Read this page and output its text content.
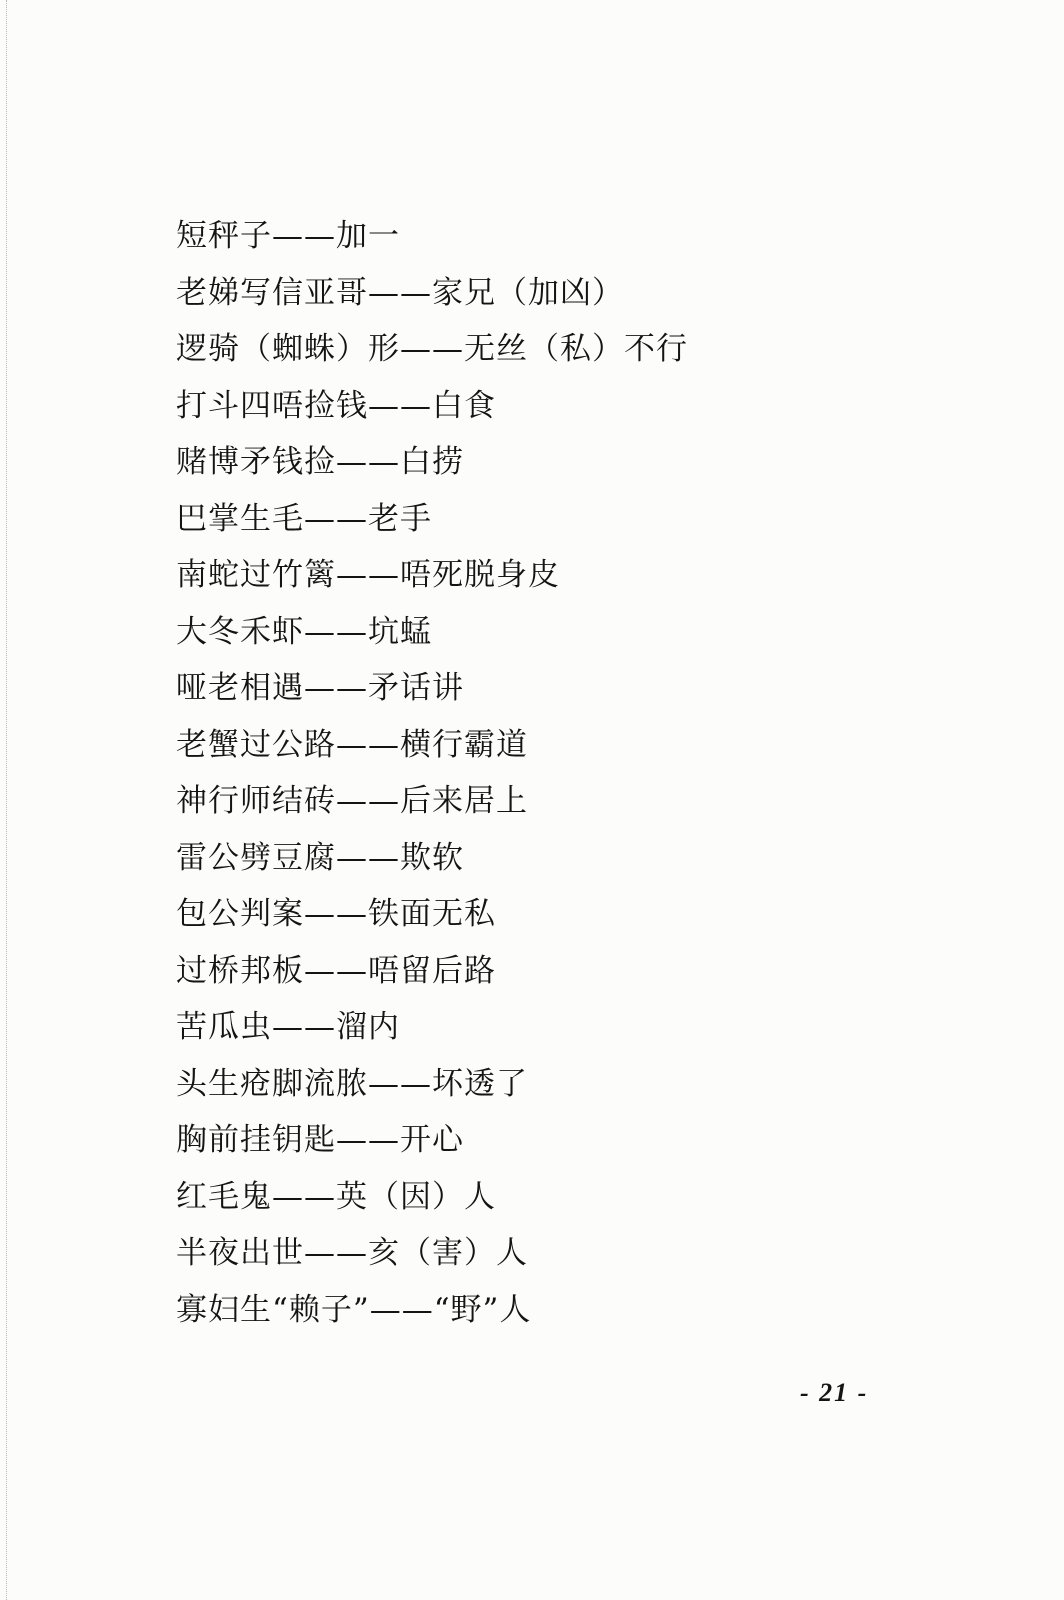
短秤子——加一
老娣写信亚哥——家兄（加凶）
逻骑（蜘蛛）形——无丝（私）不行
打斗四唔捡钱——白食
赌博矛钱捡——白捞
巴掌生毛——老手
南蛇过竹篱——唔死脱身皮
大冬禾虾——坑蜢
哑老相遇——矛话讲
老蟹过公路——横行霸道
神行师结砖——后来居上
雷公劈豆腐——欺软
包公判案——铁面无私
过桥邦板——唔留后路
苦瓜虫——溜内
头生疮脚流脓——坏透了
胸前挂钥匙——开心
红毛鬼——英（因）人
半夜出世——亥（害）人
寡妇生“赖子”——“野”人
- 21 -
